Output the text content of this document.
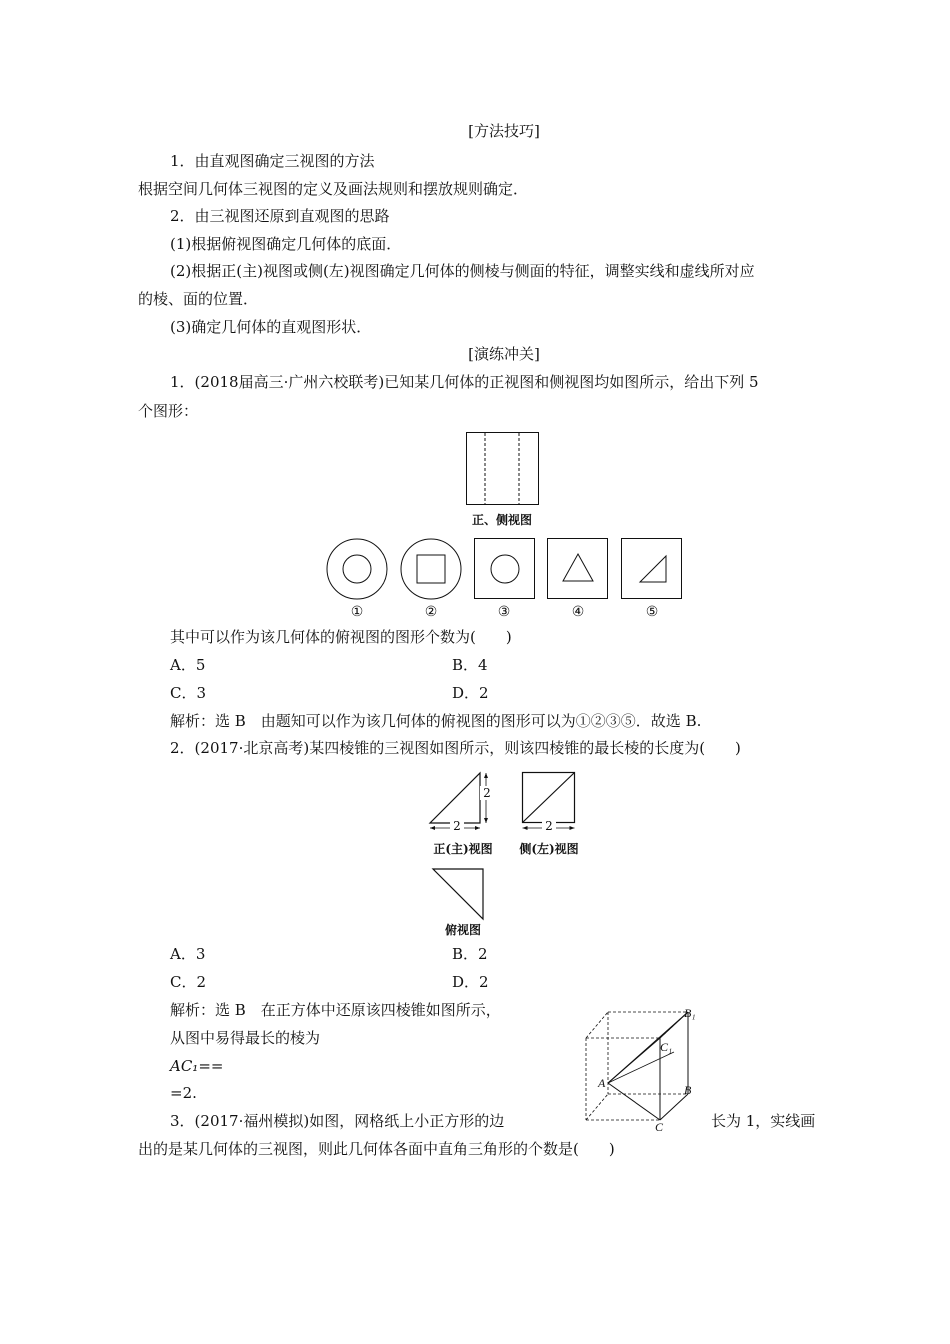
[方法技巧]
1．由直观图确定三视图的方法
根据空间几何体三视图的定义及画法规则和摆放规则确定．
2．由三视图还原到直观图的思路
(1)根据俯视图确定几何体的底面．
(2)根据正(主)视图或侧(左)视图确定几何体的侧棱与侧面的特征，调整实线和虚线所对应
的棱、面的位置．
(3)确定几何体的直观图形状．
[演练冲关]
1．(2018届高三·广州六校联考)已知某几何体的正视图和侧视图均如图所示，给出下列 5
个图形：
正、侧视图
①	②	③	④	⑤
其中可以作为该几何体的俯视图的图形个数为(　　)
A．5	B．4
C．3	D．2
解析：选 B　由题知可以作为该几何体的俯视图的图形可以为①②③⑤．故选 B.
2．(2017·北京高考)某四棱锥的三视图如图所示，则该四棱锥的最长棱的长度为(　　)
2
2	2
正(主)视图	侧(左)视图
俯视图
A．3	B．2
C．2	D．2
解析：选 B　在正方体中还原该四棱锥如图所示，
从图中易得最长的棱为
AC₁==
=2.
B₁
C₁
A	B
C
3．(2017·福州模拟)如图，网格纸上小正方形的边	长为 1，实线画
出的是某几何体的三视图，则此几何体各面中直角三角形的个数是(　　)
